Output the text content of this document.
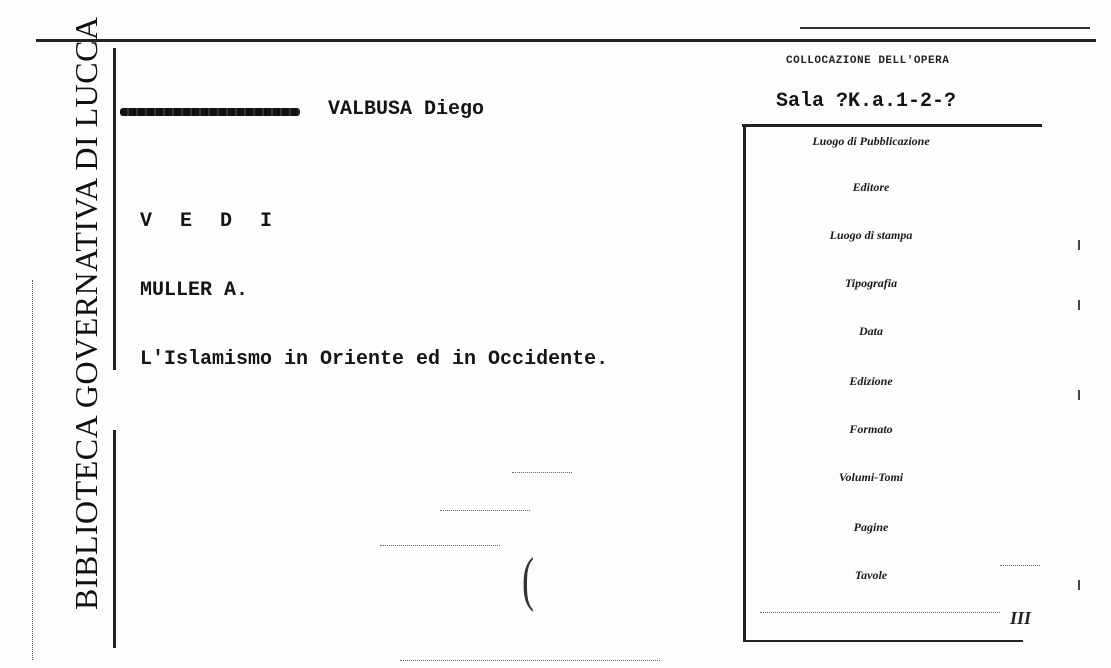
BIBLIOTECA GOVERNATIVA DI LUCCA	VALBUSA Diego
V E D I
MULLER A.
L'Islamismo in Oriente ed in Occidente.
COLLOCAZIONE DELL'OPERA
Sala ?K.a.1-2-?
Luogo di Pubblicazione
Editore
Luogo di stampa
Tipografia
Data
Edizione
Formato
Volumi-Tomi
Pagine
Tavole
III
(
